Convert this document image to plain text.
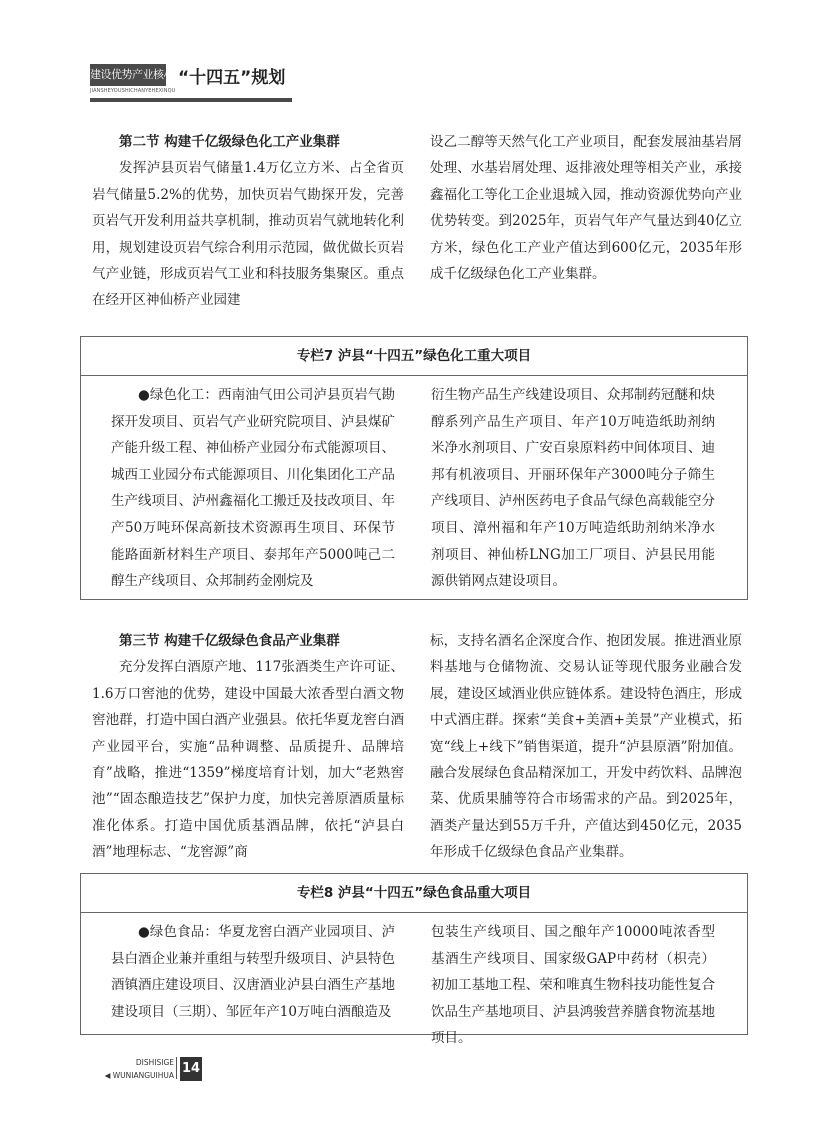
建设优势产业核心区
JIANSHEYOUSHICHANYEHEXINQU
“十四五”规划
第二节 构建千亿级绿色化工产业集群

发挥泸县页岩气储量1.4万亿立方米、占全省页岩气储量5.2%的优势，加快页岩气勘探开发，完善页岩气开发利用益共享机制，推动页岩气就地转化利用，规划建设页岩气综合利用示范园，做优做长页岩气产业链，形成页岩气工业和科技服务集聚区。重点在经开区神仙桥产业园建

设乙二醇等天然气化工产业项目，配套发展油基岩屑处理、水基岩屑处理、返排液处理等相关产业，承接鑫福化工等化工企业退城入园，推动资源优势向产业优势转变。到2025年，页岩气年产气量达到40亿立方米，绿色化工产业产值达到600亿元，2035年形成千亿级绿色化工产业集群。

专栏7 泸县“十四五”绿色化工重大项目

●绿色化工：西南油气田公司泸县页岩气勘探开发项目、页岩气产业研究院项目、泸县煤矿产能升级工程、神仙桥产业园分布式能源项目、城西工业园分布式能源项目、川化集团化工产品生产线项目、泸州鑫福化工搬迁及技改项目、年产50万吨环保高新技术资源再生项目、环保节能路面新材料生产项目、泰邦年产5000吨己二醇生产线项目、众邦制药金刚烷及

衍生物产品生产线建设项目、众邦制药冠醚和炔醇系列产品生产项目、年产10万吨造纸助剂纳米净水剂项目、广安百泉原料药中间体项目、迪邦有机液项目、开丽环保年产3000吨分子筛生产线项目、泸州医药电子食品气绿色高载能空分项目、漳州福和年产10万吨造纸助剂纳米净水剂项目、神仙桥LNG加工厂项目、泸县民用能源供销网点建设项目。

第三节 构建千亿级绿色食品产业集群

充分发挥白酒原产地、117张酒类生产许可证、1.6万口窖池的优势，建设中国最大浓香型白酒文物窖池群，打造中国白酒产业强县。依托华夏龙窖白酒产业园平台，实施“品种调整、品质提升、品牌培育”战略，推进“1359”梯度培育计划，加大“老熟窖池”“固态酿造技艺”保护力度，加快完善原酒质量标准化体系。打造中国优质基酒品牌，依托“泸县白酒”地理标志、“龙窖源”商

标，支持名酒名企深度合作、抱团发展。推进酒业原料基地与仓储物流、交易认证等现代服务业融合发展，建设区域酒业供应链体系。建设特色酒庄，形成中式酒庄群。探索“美食+美酒+美景”产业模式，拓宽“线上+线下”销售渠道，提升“泸县原酒”附加值。融合发展绿色食品精深加工，开发中药饮料、品牌泡菜、优质果脯等符合市场需求的产品。到2025年，酒类产量达到55万千升，产值达到450亿元，2035年形成千亿级绿色食品产业集群。

专栏8 泸县“十四五”绿色食品重大项目

●绿色食品：华夏龙窖白酒产业园项目、泸县白酒企业兼并重组与转型升级项目、泸县特色酒镇酒庄建设项目、汉唐酒业泸县白酒生产基地建设项目（三期）、邹匠年产10万吨白酒酿造及

包装生产线项目、国之酿年产10000吨浓香型基酒生产线项目、国家级GAP中药材（枳壳）初加工基地工程、荣和唯真生物科技功能性复合饮品生产基地项目、泸县鸿骏营养膳食物流基地项目。

DISHISIGE
◀ WUNIANGUIHUA 14
